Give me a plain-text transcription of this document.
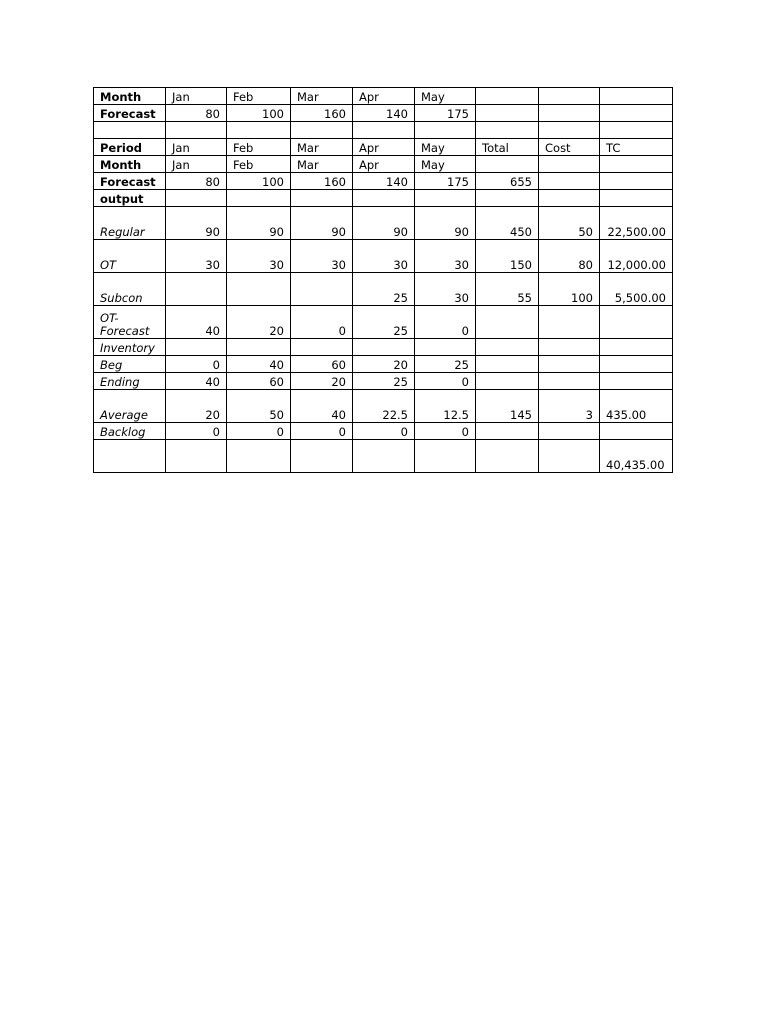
Month	Jan	Feb	Mar	Apr	May			
Forecast	80	100	160	140	175			

Period	Jan	Feb	Mar	Apr	May	Total	Cost	TC
Month	Jan	Feb	Mar	Apr	May			
Forecast	80	100	160	140	175	655		
output								
Regular	90	90	90	90	90	450	50	22,500.00
OT	30	30	30	30	30	150	80	12,000.00
Subcon				25	30	55	100	5,500.00
OT-
Forecast	40	20	0	25	0			
Inventory								
Beg	0	40	60	20	25			
Ending	40	60	20	25	0			
Average	20	50	40	22.5	12.5	145	3	435.00
Backlog	0	0	0	0	0			
								40,435.00
